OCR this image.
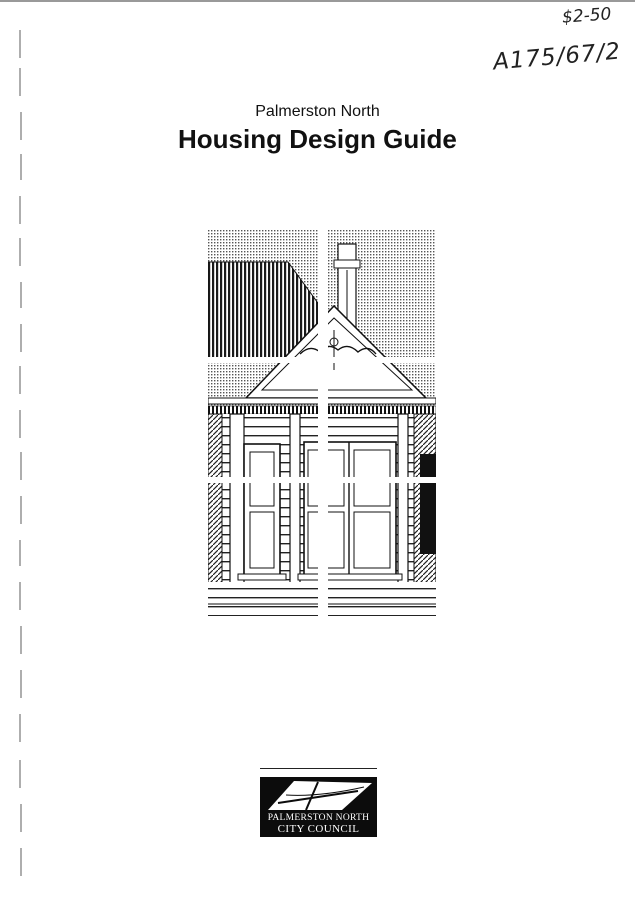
$2-50
A175/67/2
Palmerston North
Housing Design Guide
PALMERSTON NORTH
CITY COUNCIL
